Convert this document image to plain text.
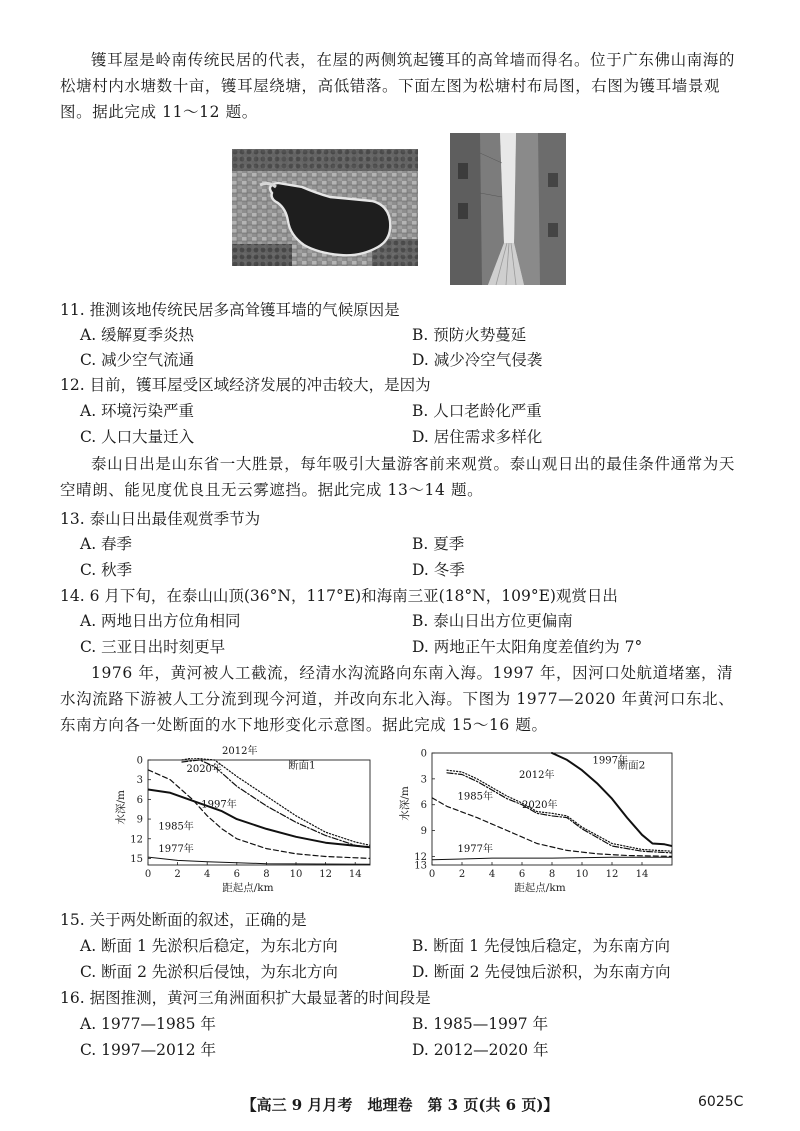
镬耳屋是岭南传统民居的代表，在屋的两侧筑起镬耳的高耸墙而得名。位于广东佛山南海的松塘村内水塘数十亩，镬耳屋绕塘，高低错落。下面左图为松塘村布局图，右图为镬耳墙景观图。据此完成 11～12 题。

11. 推测该地传统民居多高耸镬耳墙的气候原因是

A. 缓解夏季炎热	B. 预防火势蔓延

C. 减少空气流通	D. 减少冷空气侵袭

12. 目前，镬耳屋受区域经济发展的冲击较大，是因为

A. 环境污染严重	B. 人口老龄化严重

C. 人口大量迁入	D. 居住需求多样化

泰山日出是山东省一大胜景，每年吸引大量游客前来观赏。泰山观日出的最佳条件通常为天空晴朗、能见度优良且无云雾遮挡。据此完成 13～14 题。

13. 泰山日出最佳观赏季节为

A. 春季	B. 夏季

C. 秋季	D. 冬季

14. 6 月下旬，在泰山山顶(36°N，117°E)和海南三亚(18°N，109°E)观赏日出

A. 两地日出方位角相同	B. 泰山日出方位更偏南

C. 三亚日出时刻更早	D. 两地正午太阳角度差值约为 7°

1976 年，黄河被人工截流，经清水沟流路向东南入海。1997 年，因河口处航道堵塞，清水沟流路下游被人工分流到现今河道，并改向东北入海。下图为 1977—2020 年黄河口东北、东南方向各一处断面的水下地形变化示意图。据此完成 15～16 题。

0 2 4 6 8 10 12 14
0
3
6
9
12
15
距起点/km
水深/m
断面1
1977年
1985年
1997年
2012年
2020年
0 2 4 6 8 10 12 14
0
3
6
9
12
13
距起点/km
水深/m
断面2
1977年
1985年
1997年
2012年
2020年

15. 关于两处断面的叙述，正确的是

A. 断面 1 先淤积后稳定，为东北方向	B. 断面 1 先侵蚀后稳定，为东南方向

C. 断面 2 先淤积后侵蚀，为东北方向	D. 断面 2 先侵蚀后淤积，为东南方向

16. 据图推测，黄河三角洲面积扩大最显著的时间段是

A. 1977—1985 年	B. 1985—1997 年

C. 1997—2012 年	D. 2012—2020 年

【高三 9 月月考　地理卷　第 3 页(共 6 页)】	6025C
